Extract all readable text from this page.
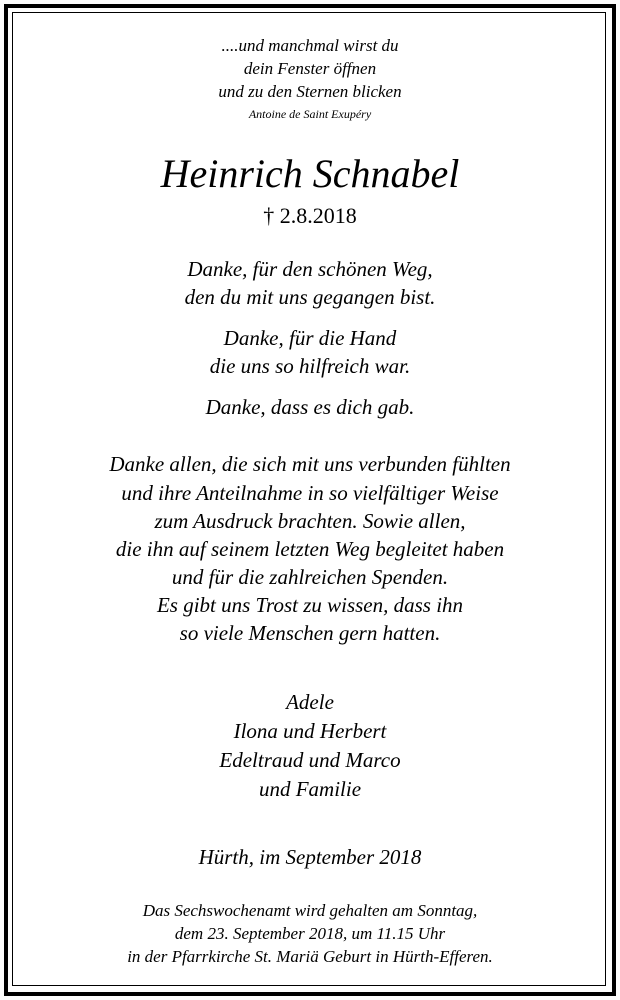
....und manchmal wirst du
dein Fenster öffnen
und zu den Sternen blicken
Antoine de Saint Exupéry
Heinrich Schnabel
† 2.8.2018
Danke, für den schönen Weg,
den du mit uns gegangen bist.
Danke, für die Hand
die uns so hilfreich war.
Danke, dass es dich gab.
Danke allen, die sich mit uns verbunden fühlten
und ihre Anteilnahme in so vielfältiger Weise
zum Ausdruck brachten. Sowie allen,
die ihn auf seinem letzten Weg begleitet haben
und für die zahlreichen Spenden.
Es gibt uns Trost zu wissen, dass ihn
so viele Menschen gern hatten.
Adele
Ilona und Herbert
Edeltraud und Marco
und Familie
Hürth, im September 2018
Das Sechswochenamt wird gehalten am Sonntag,
dem 23. September 2018, um 11.15 Uhr
in der Pfarrkirche St. Mariä Geburt in Hürth-Efferen.
